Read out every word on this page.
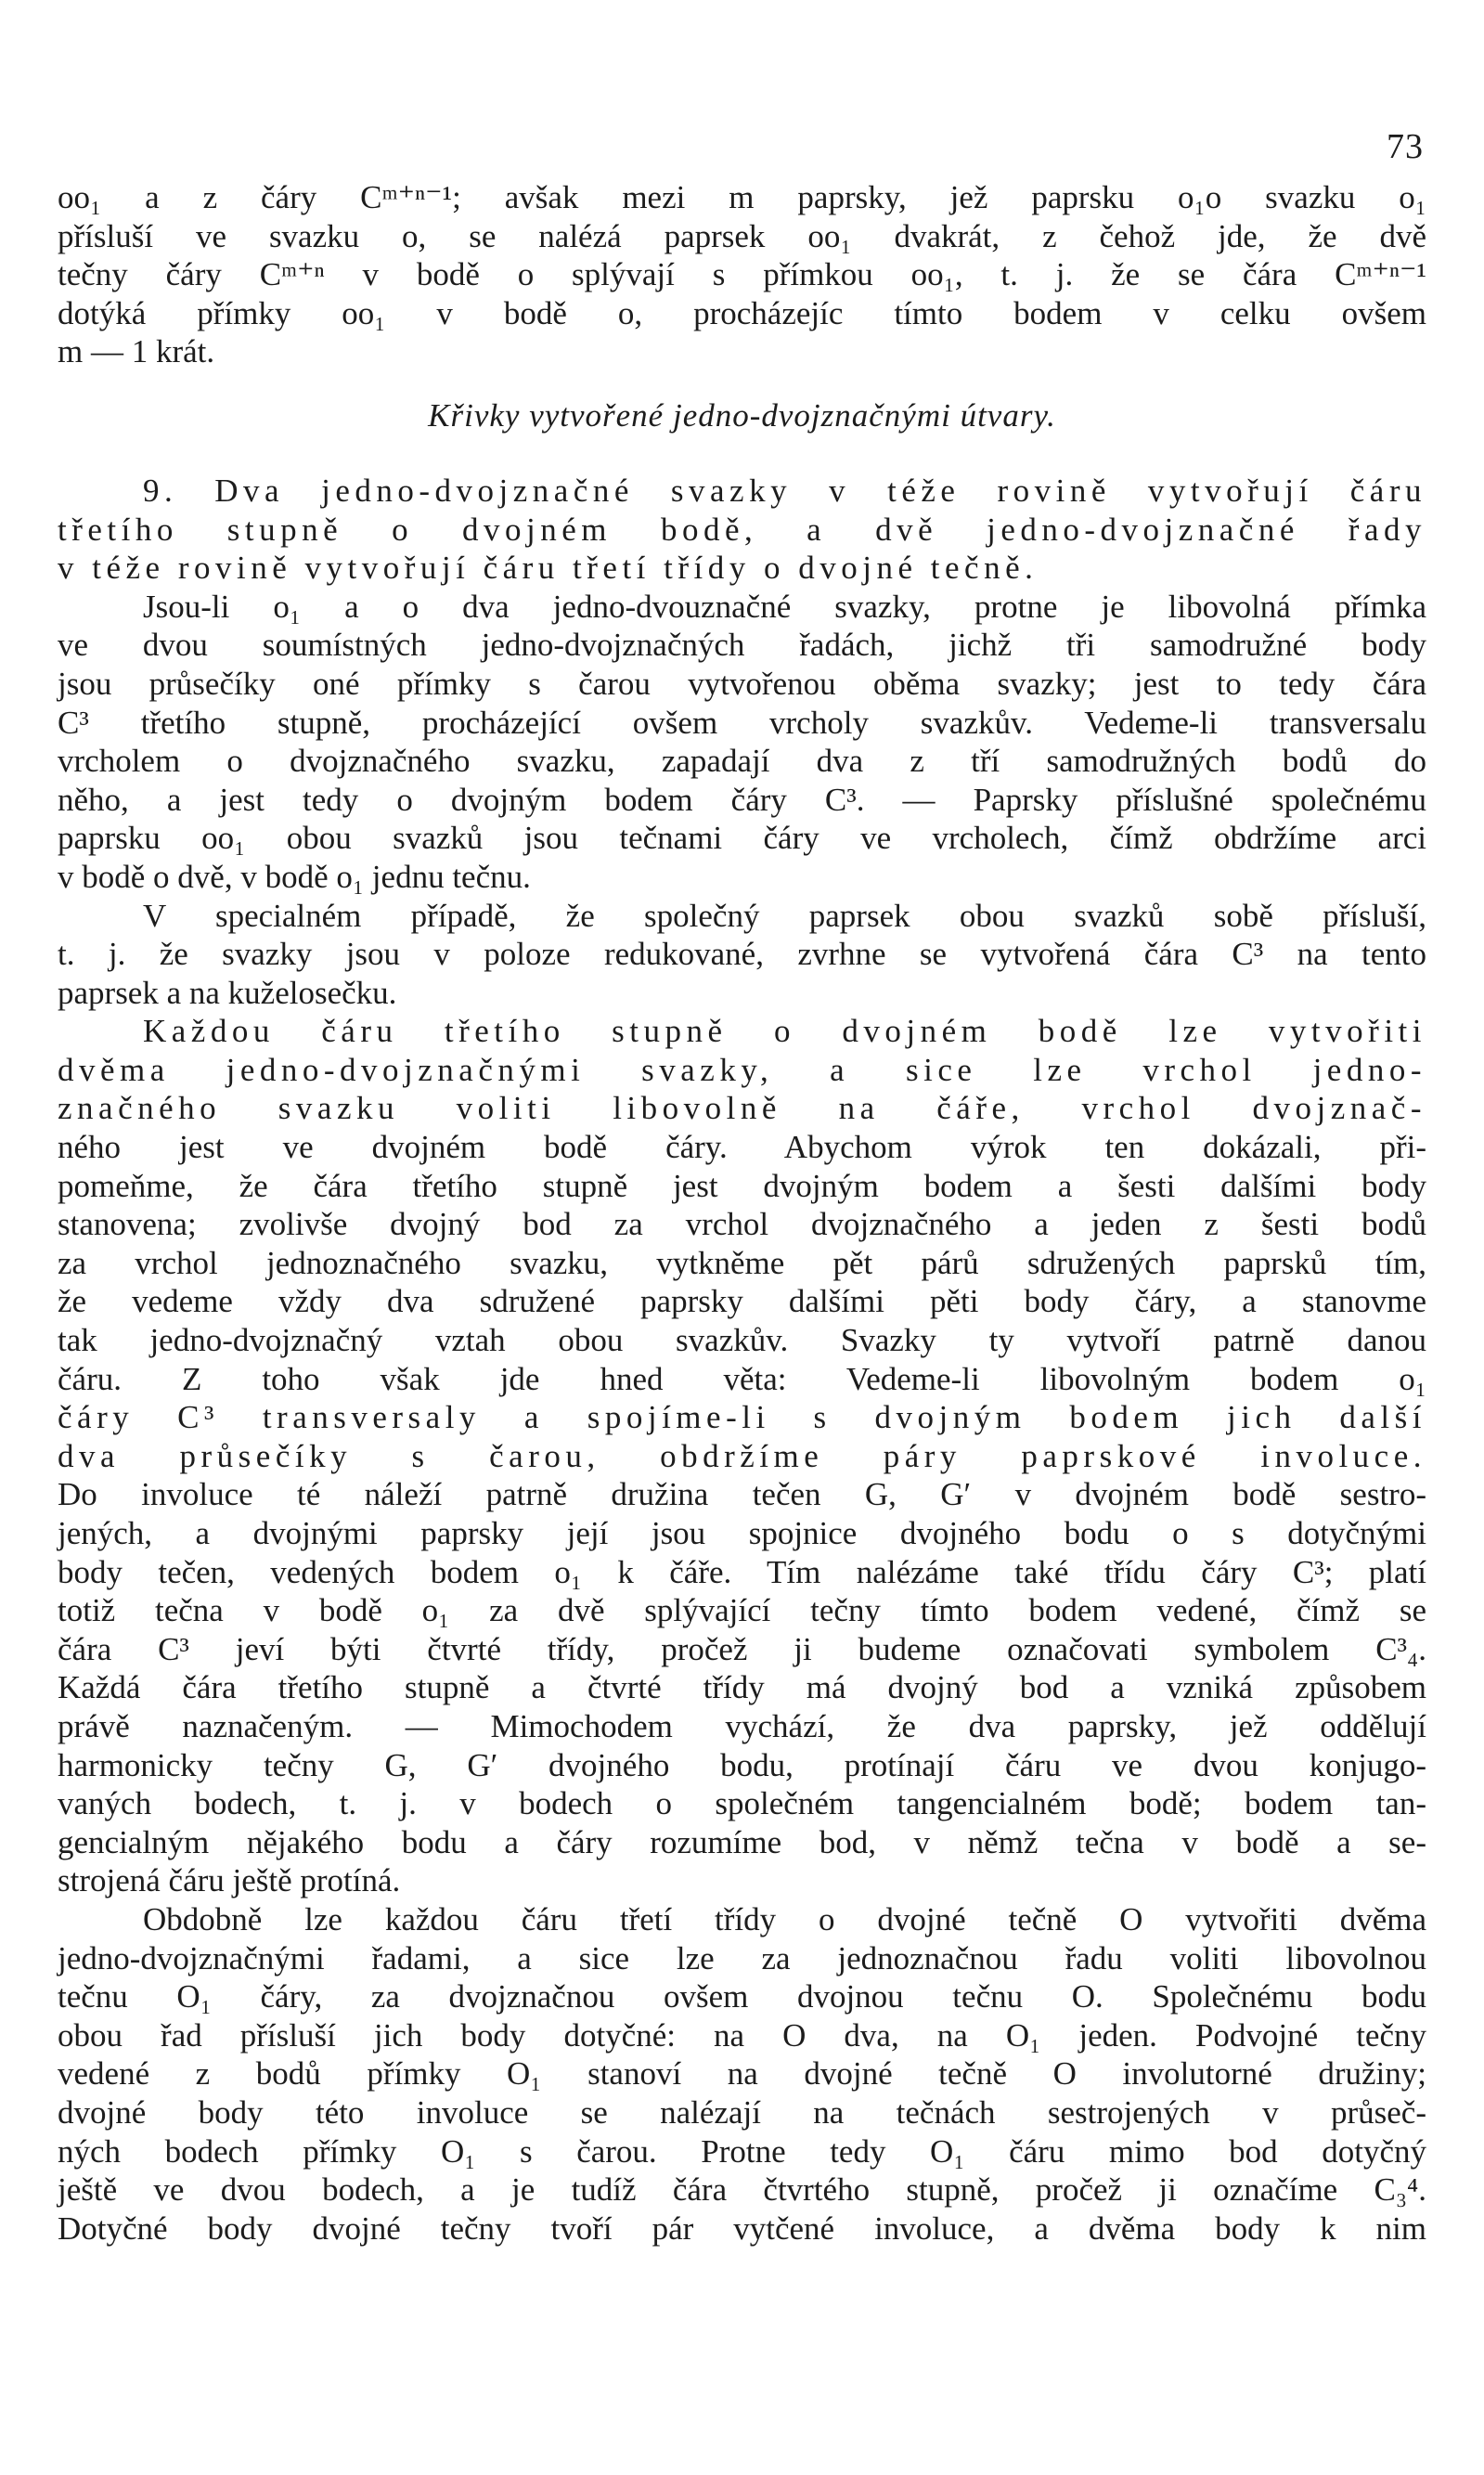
73
oo₁ a z čáry Cᵐ⁺ⁿ⁻¹; avšak mezi m paprsky, jež paprsku o₁o svazku o₁
přísluší ve svazku o, se nalézá paprsek oo₁ dvakrát, z čehož jde, že dvě
tečny čáry Cᵐ⁺ⁿ v bodě o splývají s přímkou oo₁, t. j. že se čára Cᵐ⁺ⁿ⁻¹
dotýká přímky oo₁ v bodě o, procházejíc tímto bodem v celku ovšem
m — 1 krát.
Křivky vytvořené jedno-dvojznačnými útvary.
9. Dva jedno-dvojznačné svazky v téže rovině vytvořují čáru
třetího stupně o dvojném bodě, a dvě jedno-dvojznačné řady
v téže rovině vytvořují čáru třetí třídy o dvojné tečně.
Jsou-li o₁ a o dva jedno-dvouznačné svazky, protne je libovolná přímka
ve dvou soumístných jedno-dvojznačných řadách, jichž tři samodružné body
jsou průsečíky oné přímky s čarou vytvořenou oběma svazky; jest to tedy čára
C³ třetího stupně, procházející ovšem vrcholy svazkův. Vedeme-li transversalu
vrcholem o dvojznačného svazku, zapadají dva z tří samodružných bodů do
něho, a jest tedy o dvojným bodem čáry C³. — Paprsky příslušné společnému
paprsku oo₁ obou svazků jsou tečnami čáry ve vrcholech, čímž obdržíme arci
v bodě o dvě, v bodě o₁ jednu tečnu.
V specialném případě, že společný paprsek obou svazků sobě přísluší,
t. j. že svazky jsou v poloze redukované, zvrhne se vytvořená čára C³ na tento
paprsek a na kuželosečku.
Každou čáru třetího stupně o dvojném bodě lze vytvořiti
dvěma jedno-dvojznačnými svazky, a sice lze vrchol jedno-
značného svazku voliti libovolně na čáře, vrchol dvojznač-
ného jest ve dvojném bodě čáry. Abychom výrok ten dokázali, při-
pomeňme, že čára třetího stupně jest dvojným bodem a šesti dalšími body
stanovena; zvolivše dvojný bod za vrchol dvojznačného a jeden z šesti bodů
za vrchol jednoznačného svazku, vytkněme pět párů sdružených paprsků tím,
že vedeme vždy dva sdružené paprsky dalšími pěti body čáry, a stanovme
tak jedno-dvojznačný vztah obou svazkův. Svazky ty vytvoří patrně danou
čáru. Z toho však jde hned věta: Vedeme-li libovolným bodem o₁
čáry C³ transversaly a spojíme-li s dvojným bodem jich další
dva průsečíky s čarou, obdržíme páry paprskové involuce.
Do involuce té náleží patrně družina tečen G, G′ v dvojném bodě sestro-
jených, a dvojnými paprsky její jsou spojnice dvojného bodu o s dotyčnými
body tečen, vedených bodem o₁ k čáře. Tím nalézáme také třídu čáry C³; platí
totiž tečna v bodě o₁ za dvě splývající tečny tímto bodem vedené, čímž se
čára C³ jeví býti čtvrté třídy, pročež ji budeme označovati symbolem C³₄.
Každá čára třetího stupně a čtvrté třídy má dvojný bod a vzniká způsobem
právě naznačeným. — Mimochodem vychází, že dva paprsky, jež oddělují
harmonicky tečny G, G′ dvojného bodu, protínají čáru ve dvou konjugo-
vaných bodech, t. j. v bodech o společném tangencialném bodě; bodem tan-
gencialným nějakého bodu a čáry rozumíme bod, v němž tečna v bodě a se-
strojená čáru ještě protíná.
Obdobně lze každou čáru třetí třídy o dvojné tečně O vytvořiti dvěma
jedno-dvojznačnými řadami, a sice lze za jednoznačnou řadu voliti libovolnou
tečnu O₁ čáry, za dvojznačnou ovšem dvojnou tečnu O. Společnému bodu
obou řad přísluší jich body dotyčné: na O dva, na O₁ jeden. Podvojné tečny
vedené z bodů přímky O₁ stanoví na dvojné tečně O involutorné družiny;
dvojné body této involuce se nalézají na tečnách sestrojených v průseč-
ných bodech přímky O₁ s čarou. Protne tedy O₁ čáru mimo bod dotyčný
ještě ve dvou bodech, a je tudíž čára čtvrtého stupně, pročež ji označíme C₃⁴.
Dotyčné body dvojné tečny tvoří pár vytčené involuce, a dvěma body k nim
